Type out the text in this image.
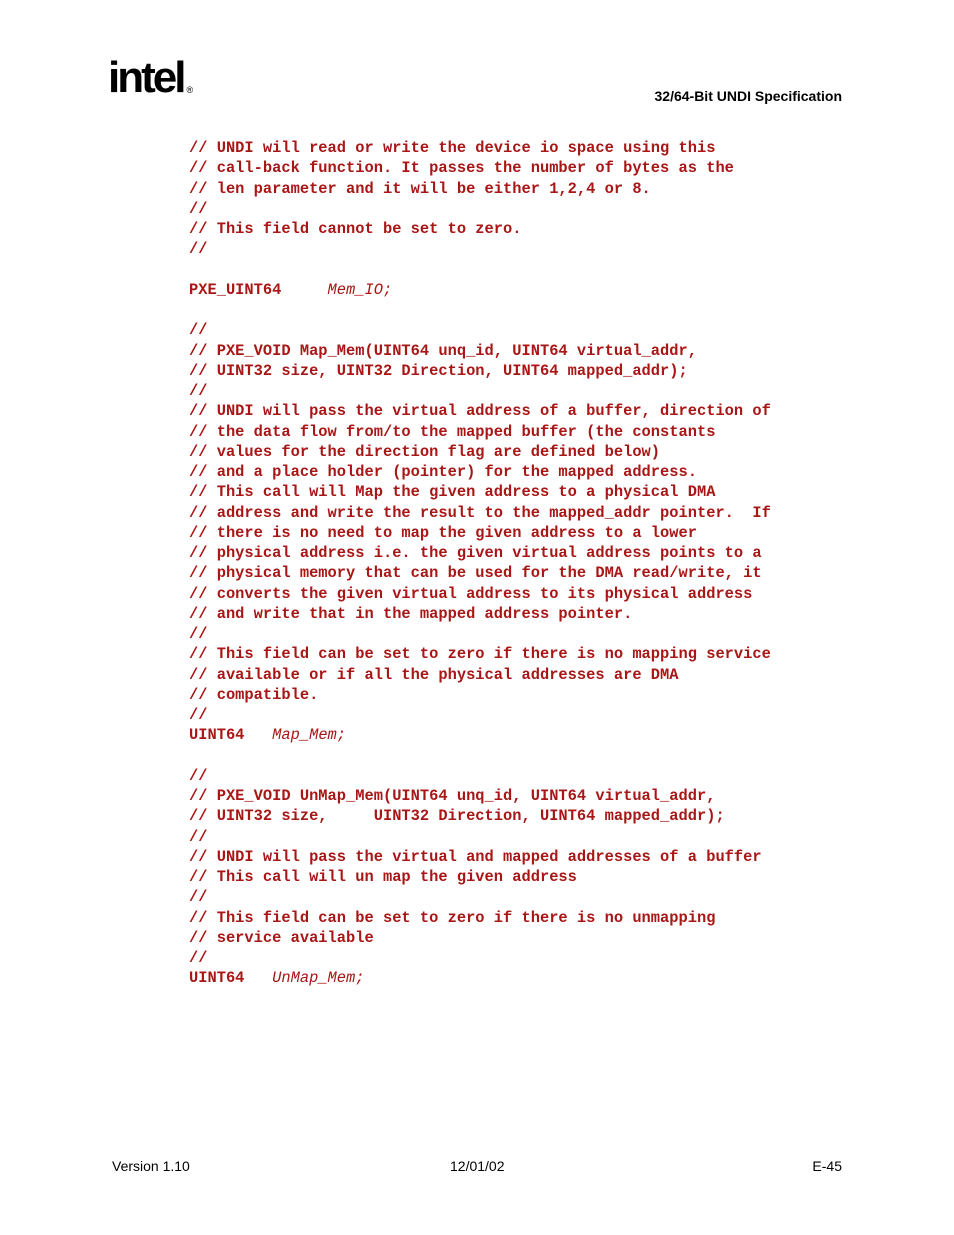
intel ®	32/64-Bit UNDI Specification
// UNDI will read or write the device io space using this
// call-back function. It passes the number of bytes as the
// len parameter and it will be either 1,2,4 or 8.
//
// This field cannot be set to zero.
//
PXE_UINT64	Mem_IO;
//
// PXE_VOID Map_Mem(UINT64 unq_id, UINT64 virtual_addr,
// UINT32 size, UINT32 Direction, UINT64 mapped_addr);
//
// UNDI will pass the virtual address of a buffer, direction of
// the data flow from/to the mapped buffer (the constants
// values for the direction flag are defined below)
// and a place holder (pointer) for the mapped address.
// This call will Map the given address to a physical DMA
// address and write the result to the mapped_addr pointer.  If
// there is no need to map the given address to a lower
// physical address i.e. the given virtual address points to a
// physical memory that can be used for the DMA read/write, it
// converts the given virtual address to its physical address
// and write that in the mapped address pointer.
//
// This field can be set to zero if there is no mapping service
// available or if all the physical addresses are DMA
// compatible.
//
UINT64 Map_Mem;
//
// PXE_VOID UnMap_Mem(UINT64 unq_id, UINT64 virtual_addr,
// UINT32 size,     UINT32 Direction, UINT64 mapped_addr);
//
// UNDI will pass the virtual and mapped addresses of a buffer
// This call will un map the given address
//
// This field can be set to zero if there is no unmapping
// service available
//
UINT64 UnMap_Mem;
Version 1.10	12/01/02	E-45
